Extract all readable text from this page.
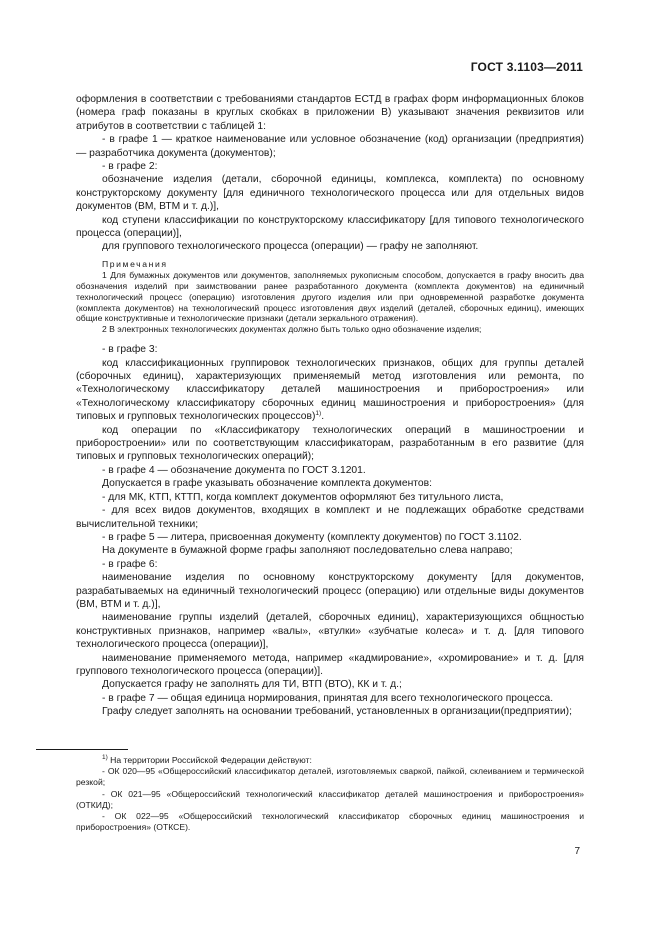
ГОСТ 3.1103—2011

оформления в соответствии с требованиями стандартов ЕСТД в графах форм информационных блоков (номера граф показаны в круглых скобках в приложении В) указывают значения реквизитов или атрибутов в соответствии с таблицей 1:

- в графе 1 — краткое наименование или условное обозначение (код) организации (предприятия) — разработчика документа (документов);

- в графе 2:

обозначение изделия (детали, сборочной единицы, комплекса, комплекта) по основному конструкторскому документу [для единичного технологического процесса или для отдельных видов документов (ВМ, ВТМ и т. д.)],

код ступени классификации по конструкторскому классификатору [для типового технологического процесса (операции)],

для группового технологического процесса (операции) — графу не заполняют.

Примечания

1 Для бумажных документов или документов, заполняемых рукописным способом, допускается в графу вносить два обозначения изделий при заимствовании ранее разработанного документа (комплекта документов) на единичный технологический процесс (операцию) изготовления другого изделия или при одновременной разработке документа (комплекта документов) на технологический процесс изготовления двух изделий (деталей, сборочных единиц), имеющих общие конструктивные и технологические признаки (детали зеркального отражения).

2 В электронных технологических документах должно быть только одно обозначение изделия;

- в графе 3:

код классификационных группировок технологических признаков, общих для группы деталей (сборочных единиц), характеризующих применяемый метод изготовления или ремонта, по «Технологическому классификатору деталей машиностроения и приборостроения» или «Технологическому классификатору сборочных единиц машиностроения и приборостроения» (для типовых и групповых технологических процессов)$^{1)}$.

код операции по «Классификатору технологических операций в машиностроении и приборостроении» или по соответствующим классификаторам, разработанным в его развитие (для типовых и групповых технологических операций);

- в графе 4 — обозначение документа по ГОСТ 3.1201.

Допускается в графе указывать обозначение комплекта документов:

- для МК, КТП, КТТП, когда комплект документов оформляют без титульного листа,

- для всех видов документов, входящих в комплект и не подлежащих обработке средствами вычислительной техники;

- в графе 5 — литера, присвоенная документу (комплекту документов) по ГОСТ 3.1102.

На документе в бумажной форме графы заполняют последовательно слева направо;

- в графе 6:

наименование изделия по основному конструкторскому документу [для документов, разрабатываемых на единичный технологический процесс (операцию) или отдельные виды документов (ВМ, ВТМ и т. д.)],

наименование группы изделий (деталей, сборочных единиц), характеризующихся общностью конструктивных признаков, например «валы», «втулки» «зубчатые колеса» и т. д. [для типового технологического процесса (операции)],

наименование применяемого метода, например «кадмирование», «хромирование» и т. д. [для группового технологического процесса (операции)].

Допускается графу не заполнять для ТИ, ВТП (ВТО), КК и т. д.;

- в графе 7 — общая единица нормирования, принятая для всего технологического процесса.

Графу следует заполнять на основании требований, установленных в организации(предприятии);

$^{1)}$ На территории Российской Федерации действуют:

- ОК 020—95 «Общероссийский классификатор деталей, изготовляемых сваркой, пайкой, склеиванием и термической резкой;

- ОК 021—95 «Общероссийский технологический классификатор деталей машиностроения и приборостроения» (ОТКИД);

- ОК 022—95 «Общероссийский технологический классификатор сборочных единиц машиностроения и приборостроения» (ОТКСЕ).

7
